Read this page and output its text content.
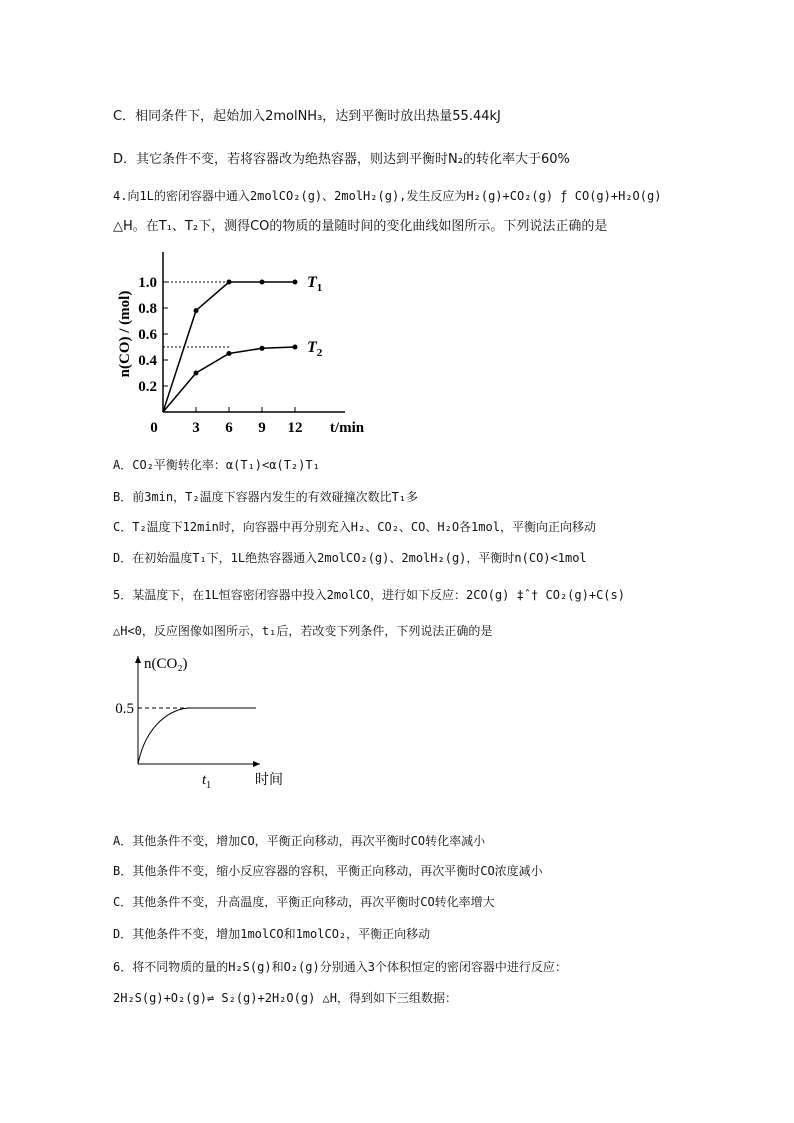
C．相同条件下，起始加入2molNH₃，达到平衡时放出热量55.44kJ
D．其它条件不变，若将容器改为绝热容器，则达到平衡时N₂的转化率大于60%
4.向1L的密闭容器中通入2molCO₂(g)、2molH₂(g),发生反应为H₂(g)+CO₂(g) ƒ CO(g)+H₂O(g)
△H。在T₁、T₂下，测得CO的物质的量随时间的变化曲线如图所示。下列说法正确的是
0.2
0.4
0.6
0.8
1.0
0 3 6 9 12 t/min
n(CO) / (mol)
$T_1$
$T_2$
A．CO₂平衡转化率：α(T₁)<α(T₂)T₁
B．前3min，T₂温度下容器内发生的有效碰撞次数比T₁多
C．T₂温度下12min时，向容器中再分别充入H₂、CO₂、CO、H₂O各1mol，平衡向正向移动
D．在初始温度T₁下，1L绝热容器通入2molCO₂(g)、2molH₂(g)，平衡时n(CO)<1mol
5．某温度下，在1L恒容密闭容器中投入2molCO，进行如下反应：2CO(g) ‡ˆ† CO₂(g)+C(s)
△H<0，反应图像如图所示，t₁后，若改变下列条件，下列说法正确的是
n(CO₂)
0.5
$t_1$	时间
A．其他条件不变，增加CO，平衡正向移动，再次平衡时CO转化率减小
B．其他条件不变，缩小反应容器的容积，平衡正向移动，再次平衡时CO浓度减小
C．其他条件不变，升高温度，平衡正向移动，再次平衡时CO转化率增大
D．其他条件不变，增加1molCO和1molCO₂，平衡正向移动
6．将不同物质的量的H₂S(g)和O₂(g)分别通入3个体积恒定的密闭容器中进行反应：
2H₂S(g)+O₂(g)⇌ S₂(g)+2H₂O(g) △H，得到如下三组数据：
